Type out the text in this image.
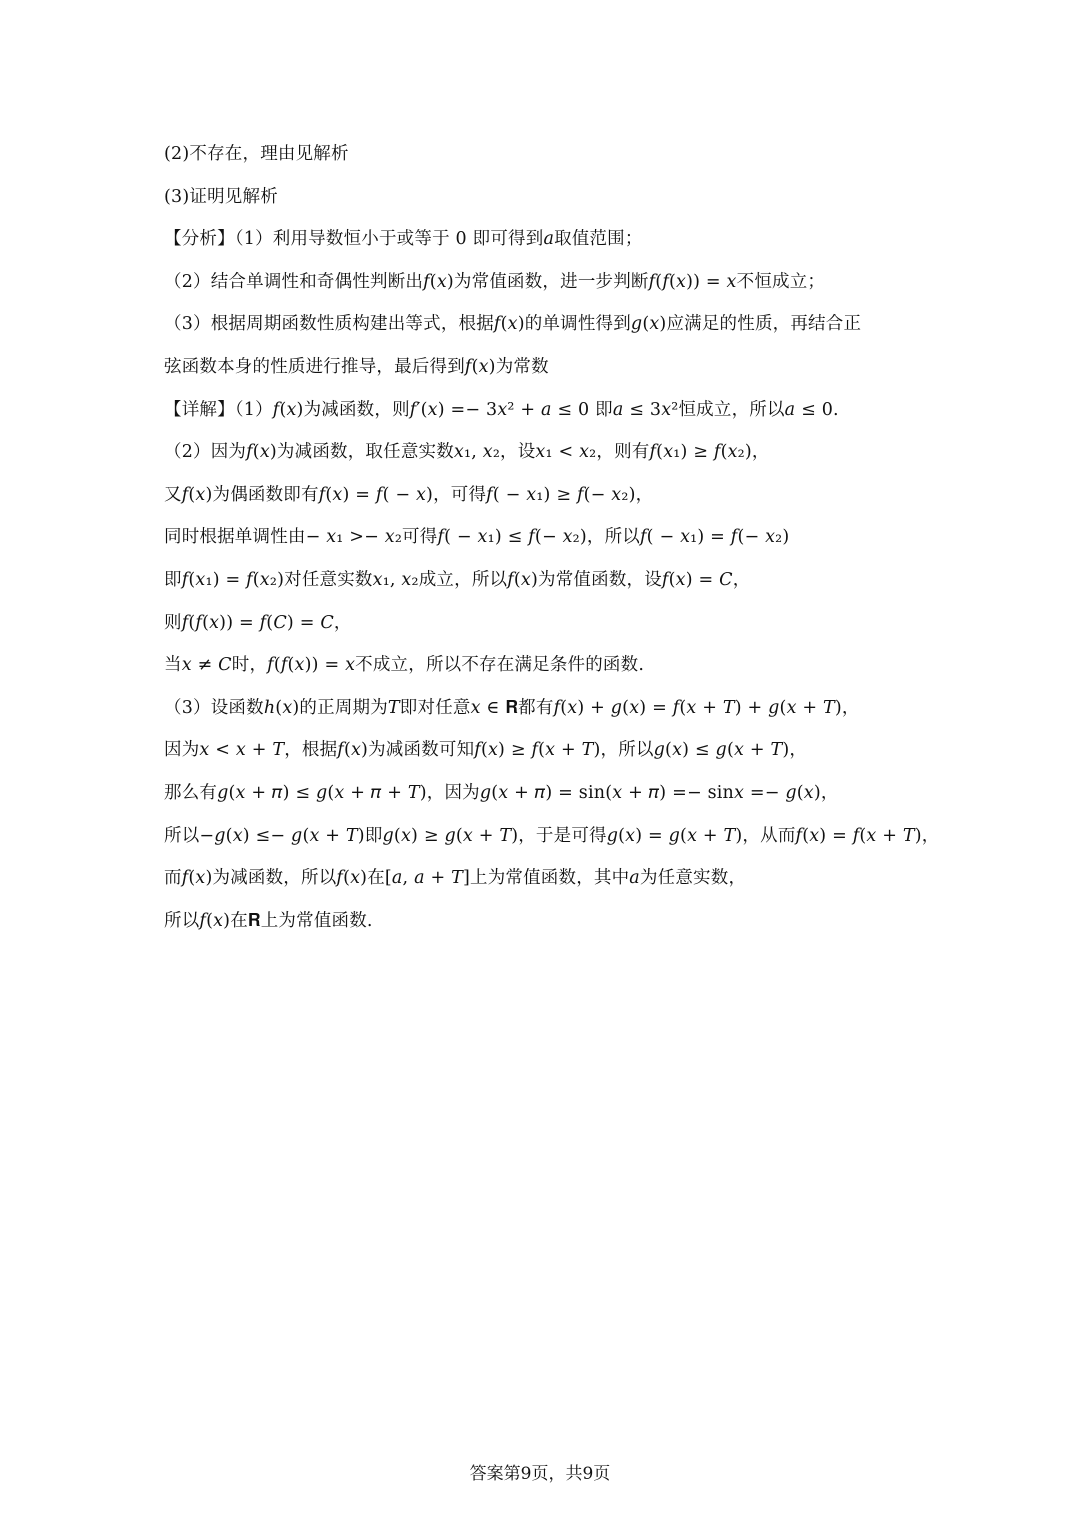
(2)不存在，理由见解析
(3)证明见解析
【分析】（1）利用导数恒小于或等于 0 即可得到𝑎取值范围；
（2）结合单调性和奇偶性判断出𝑓(𝑥)为常值函数，进一步判断𝑓(𝑓(𝑥)) = 𝑥不恒成立；
（3）根据周期函数性质构建出等式，根据𝑓(𝑥)的单调性得到𝑔(𝑥)应满足的性质，再结合正
弦函数本身的性质进行推导，最后得到𝑓(𝑥)为常数
【详解】（1）𝑓(𝑥)为减函数，则𝑓′(𝑥) =− 3𝑥² + 𝑎 ≤ 0 即𝑎 ≤ 3𝑥²恒成立，所以𝑎 ≤ 0.
（2）因为𝑓(𝑥)为减函数，取任意实数𝑥₁, 𝑥₂，设𝑥₁ < 𝑥₂，则有𝑓(𝑥₁) ≥ 𝑓(𝑥₂)，
又𝑓(𝑥)为偶函数即有𝑓(𝑥) = 𝑓( − 𝑥)，可得𝑓( − 𝑥₁) ≥ 𝑓(− 𝑥₂)，
同时根据单调性由− 𝑥₁ >− 𝑥₂可得𝑓( − 𝑥₁) ≤ 𝑓(− 𝑥₂)，所以𝑓( − 𝑥₁) = 𝑓(− 𝑥₂)
即𝑓(𝑥₁) = 𝑓(𝑥₂)对任意实数𝑥₁, 𝑥₂成立，所以𝑓(𝑥)为常值函数，设𝑓(𝑥) = 𝐶，
则𝑓(𝑓(𝑥)) = 𝑓(𝐶) = 𝐶，
当𝑥 ≠ 𝐶时，𝑓(𝑓(𝑥)) = 𝑥不成立，所以不存在满足条件的函数.
（3）设函数ℎ(𝑥)的正周期为𝑇即对任意𝑥 ∈ 𝐑都有𝑓(𝑥) + 𝑔(𝑥) = 𝑓(𝑥 + 𝑇) + 𝑔(𝑥 + 𝑇)，
因为𝑥 < 𝑥 + 𝑇，根据𝑓(𝑥)为减函数可知𝑓(𝑥) ≥ 𝑓(𝑥 + 𝑇)，所以𝑔(𝑥) ≤ 𝑔(𝑥 + 𝑇)，
那么有𝑔(𝑥 + 𝜋) ≤ 𝑔(𝑥 + 𝜋 + 𝑇)，因为𝑔(𝑥 + 𝜋) = sin(𝑥 + 𝜋) =− sin𝑥 =− 𝑔(𝑥)，
所以−𝑔(𝑥) ≤− 𝑔(𝑥 + 𝑇)即𝑔(𝑥) ≥ 𝑔(𝑥 + 𝑇)，于是可得𝑔(𝑥) = 𝑔(𝑥 + 𝑇)，从而𝑓(𝑥) = 𝑓(𝑥 + 𝑇)，
而𝑓(𝑥)为减函数，所以𝑓(𝑥)在[𝑎, 𝑎 + 𝑇]上为常值函数，其中𝑎为任意实数，
所以𝑓(𝑥)在𝐑上为常值函数.
答案第9页，共9页
